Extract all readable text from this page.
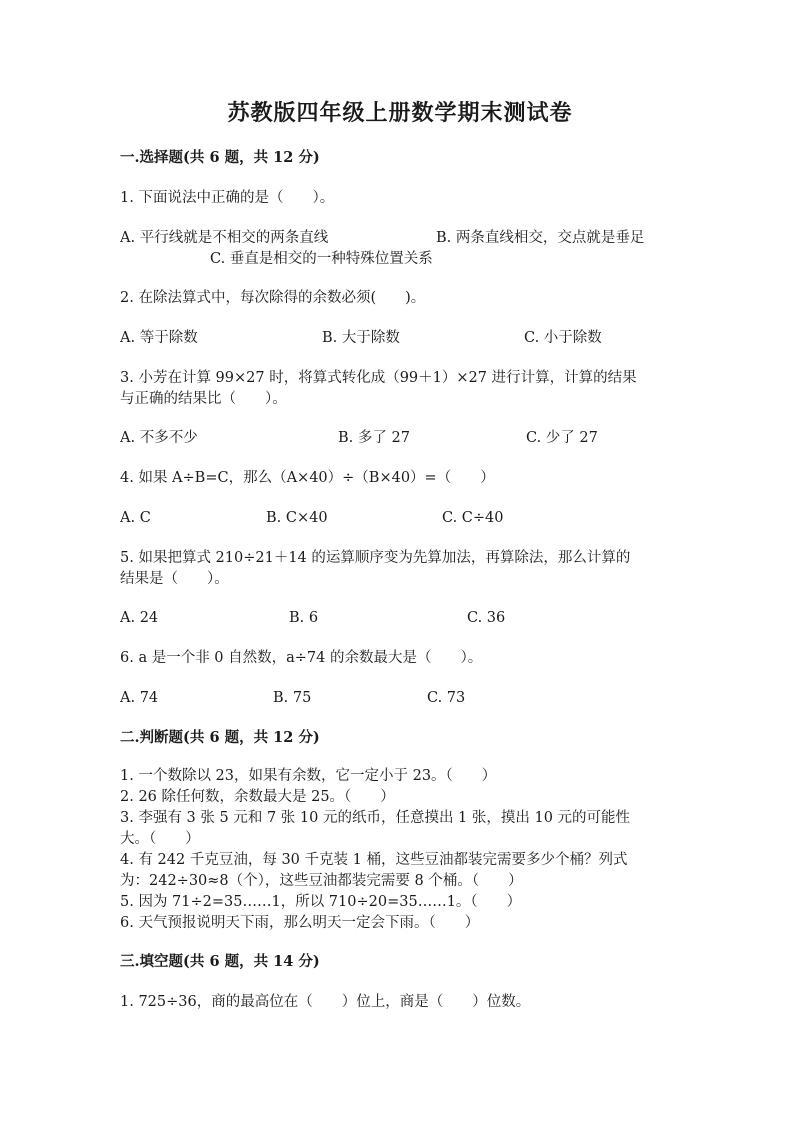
苏教版四年级上册数学期末测试卷
一.选择题(共 6 题，共 12 分)
1. 下面说法中正确的是（　　）。
A. 平行线就是不相交的两条直线	B. 两条直线相交，交点就是垂足
C. 垂直是相交的一种特殊位置关系
2. 在除法算式中，每次除得的余数必须(　　)。
A. 等于除数	B. 大于除数	C. 小于除数
3. 小芳在计算 99×27 时，将算式转化成（99＋1）×27 进行计算，计算的结果
与正确的结果比（　　）。
A. 不多不少	B. 多了 27	C. 少了 27
4. 如果 A÷B=C，那么（A×40）÷（B×40）=（　　）
A. C	B. C×40	C. C÷40
5. 如果把算式 210÷21＋14 的运算顺序变为先算加法，再算除法，那么计算的
结果是（　　）。
A. 24	B. 6	C. 36
6. a 是一个非 0 自然数，a÷74 的余数最大是（　　）。
A. 74	B. 75	C. 73
二.判断题(共 6 题，共 12 分)
1. 一个数除以 23，如果有余数，它一定小于 23。（　　）
2. 26 除任何数，余数最大是 25。（　　）
3. 李强有 3 张 5 元和 7 张 10 元的纸币，任意摸出 1 张，摸出 10 元的可能性
大。（　　）
4. 有 242 千克豆油，每 30 千克装 1 桶，这些豆油都装完需要多少个桶？列式
为：242÷30≈8（个），这些豆油都装完需要 8 个桶。（　　）
5. 因为 71÷2=35……1，所以 710÷20=35……1。（　　）
6. 天气预报说明天下雨，那么明天一定会下雨。（　　）
三.填空题(共 6 题，共 14 分)
1. 725÷36，商的最高位在（　　）位上，商是（　　）位数。
